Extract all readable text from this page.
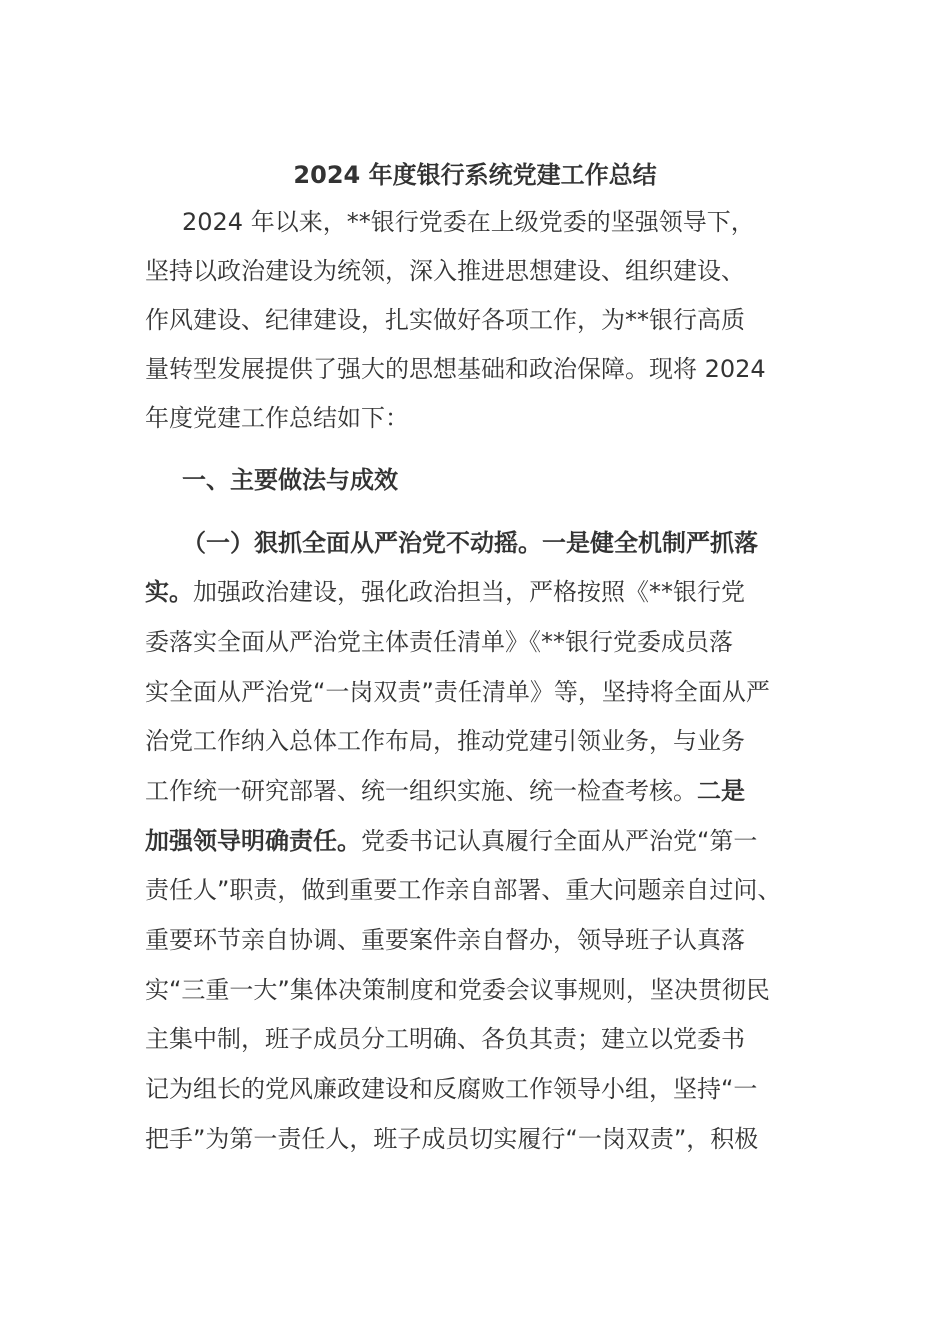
2024 年度银行系统党建工作总结

2024 年以来，**银行党委在上级党委的坚强领导下，

坚持以政治建设为统领，深入推进思想建设、组织建设、

作风建设、纪律建设，扎实做好各项工作，为**银行高质

量转型发展提供了强大的思想基础和政治保障。现将 2024

年度党建工作总结如下：

一、主要做法与成效

（一）狠抓全面从严治党不动摇。一是健全机制严抓落

实。加强政治建设，强化政治担当，严格按照《**银行党

委落实全面从严治党主体责任清单》《**银行党委成员落

实全面从严治党“一岗双责”责任清单》等，坚持将全面从严

治党工作纳入总体工作布局，推动党建引领业务，与业务

工作统一研究部署、统一组织实施、统一检查考核。二是

加强领导明确责任。党委书记认真履行全面从严治党“第一

责任人”职责，做到重要工作亲自部署、重大问题亲自过问、

重要环节亲自协调、重要案件亲自督办，领导班子认真落

实“三重一大”集体决策制度和党委会议事规则，坚决贯彻民

主集中制，班子成员分工明确、各负其责；建立以党委书

记为组长的党风廉政建设和反腐败工作领导小组，坚持“一

把手”为第一责任人，班子成员切实履行“一岗双责”，积极
